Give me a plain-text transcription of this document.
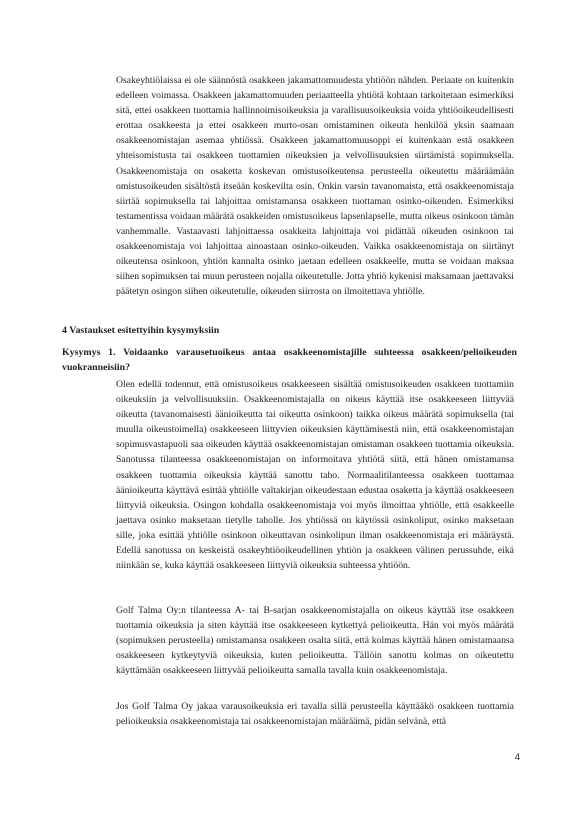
Osakeyhtiölaissa ei ole säännöstä osakkeen jakamattomuudesta yhtiöön nähden. Periaate on kuitenkin edelleen voimassa. Osakkeen jakamattomuuden periaatteella yhtiötä kohtaan tarkoitetaan esimerkiksi sitä, ettei osakkeen tuottamia hallinnoimisoikeuksia ja varallisuusoikeuksia voida yhtiöoikeudellisesti erottaa osakkeesta ja ettei osakkeen murto-osan omistaminen oikeuta henkilöä yksin saamaan osakkeenomistajan asemaa yhtiössä. Osakkeen jakamattomuusoppi ei kuitenkaan estä osakkeen yhteisomistusta tai osakkeen tuottamien oikeuksien ja velvollisuuksien siirtämistä sopimuksella. Osakkeenomistaja on osaketta koskevan omistusoikeutensa perusteella oikeutettu määräämään omistusoikeuden sisältöstä itseään koskevilta osin. Onkin varsin tavanomaista, että osakkeenomistaja siirtää sopimuksella tai lahjoittaa omistamansa osakkeen tuottaman osinko-oikeuden. Esimerkiksi testamentissa voidaan määrätä osakkeiden omistusoikeus lapsenlapselle, mutta oikeus osinkoon tämän vanhemmalle. Vastaavasti lahjoittaessa osakkeita lahjoittaja voi pidättää oikeuden osinkoon tai osakkeenomistaja voi lahjoittaa ainoastaan osinko-oikeuden. Vaikka osakkeenomistaja on siirtänyt oikeutensa osinkoon, yhtiön kannalta osinko jaetaan edelleen osakkeelle, mutta se voidaan maksaa siihen sopimuksen tai muun perusteen nojalla oikeutetulle. Jotta yhtiö kykenisi maksamaan jaettavaksi päätetyn osingon siihen oikeutetulle, oikeuden siirrosta on ilmoitettava yhtiölle.

4 Vastaukset esitettyihin kysymyksiin

Kysymys 1. Voidaanko varausetuoikeus antaa osakkeenomistajille suhteessa osakkeen/pelioikeuden vuokranneisiin?

Olen edellä todennut, että omistusoikeus osakkeeseen sisältää omistusoikeuden osakkeen tuottamiin oikeuksiin ja velvollisuuksiin. Osakkeenomistajalla on oikeus käyttää itse osakkeeseen liittyvää oikeutta (tavanomaisesti äänioikeutta tai oikeutta osinkoon) taikka oikeus määrätä sopimuksella (tai muulla oikeustoimella) osakkeeseen liittyvien oikeuksien käyttämisestä niin, että osakkeenomistajan sopimusvastapuoli saa oikeuden käyttää osakkeenomistajan omistaman osakkeen tuottamia oikeuksia. Sanotussa tilanteessa osakkeenomistajan on informoitava yhtiötä siitä, että hänen omistamansa osakkeen tuottamia oikeuksia käyttää sanottu taho. Normaalitilanteessa osakkeen tuottamaa äänioikeutta käyttävä esittää yhtiölle valtakirjan oikeudestaan edustaa osaketta ja käyttää osakkeeseen liittyviä oikeuksia. Osingon kohdalla osakkeenomistaja voi myös ilmoittaa yhtiölle, että osakkeelle jaettava osinko maksetaan tietylle taholle. Jos yhtiössä on käytössä osinkoliput, osinko maksetaan sille, joka esittää yhtiölle osinkoon oikeuttavan osinkolipun ilman osakkeenomistaja eri määräystä. Edellä sanotussa on keskeistä osakeyhtiöoikeudellinen yhtiön ja osakkeen välinen perussuhde, eikä niinkään se, kuka käyttää osakkeeseen liittyviä oikeuksia suhteessa yhtiöön.

Golf Talma Oy:n tilanteessa A- tai B-sarjan osakkeenomistajalla on oikeus käyttää itse osakkeen tuottamia oikeuksia ja siten käyttää itse osakkeeseen kytkettyä pelioikeutta. Hän voi myös määrätä (sopimuksen perusteella) omistamansa osakkeen osalta siitä, että kolmas käyttää hänen omistamaansa osakkeeseen kytkeytyviä oikeuksia, kuten pelioikeutta. Tällöin sanottu kolmas on oikeutettu käyttämään osakkeeseen liittyvää pelioikeutta samalla tavalla kuin osakkeenomistaja.

Jos Golf Talma Oy jakaa varausoikeuksia eri tavalla sillä perusteella käyttääkö osakkeen tuottamia pelioikeuksia osakkeenomistaja tai osakkeenomistajan määräämä, pidän selvänä, että

4
